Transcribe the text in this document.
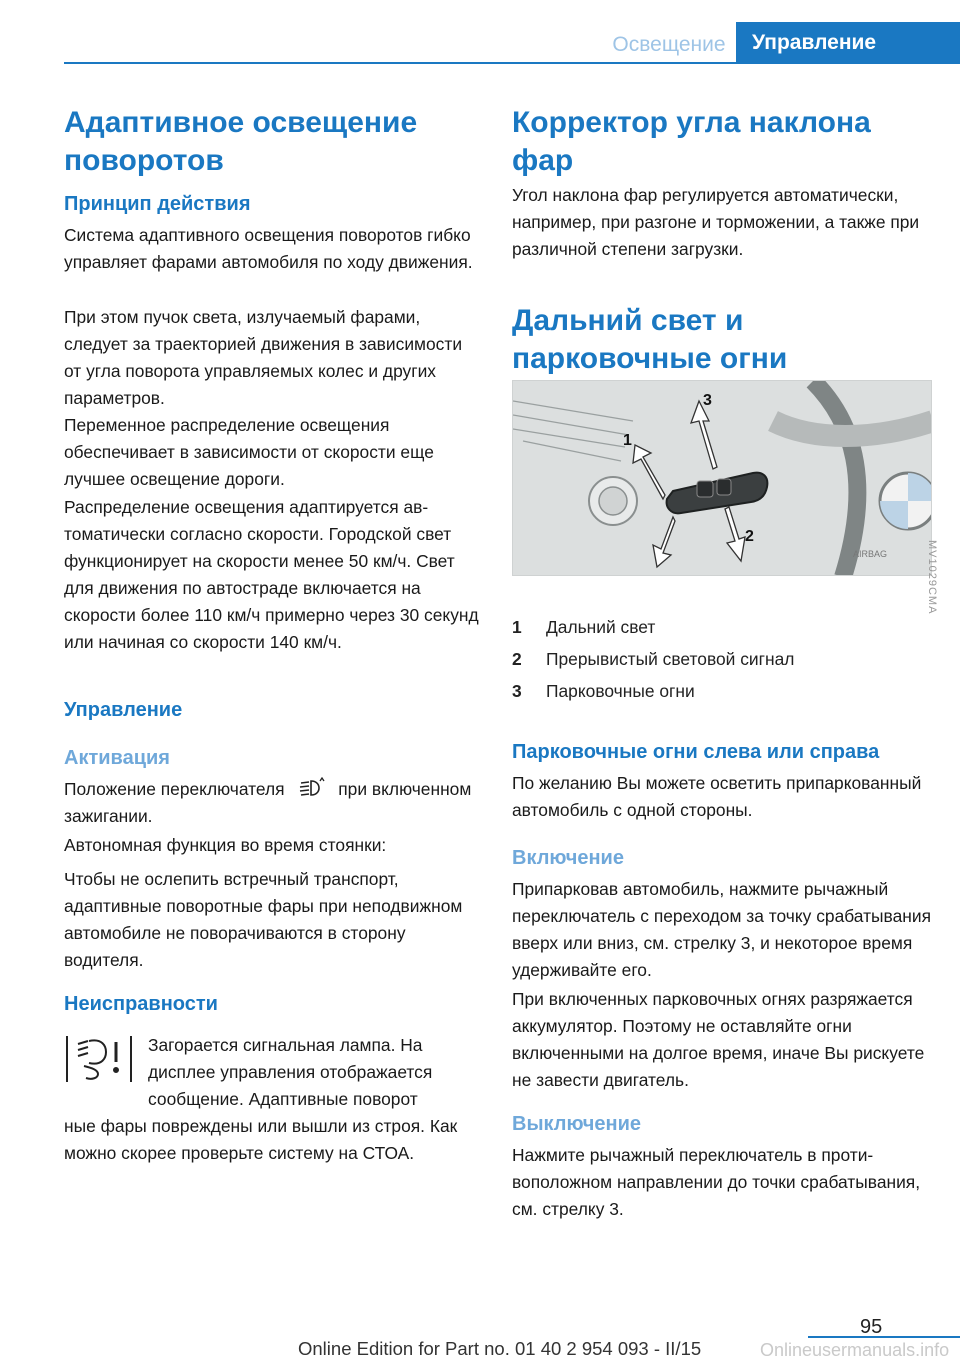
Освещение	Управление
Адаптивное освещение поворотов
Принцип действия

Система адаптивного освещения поворотов гибко управляет фарами автомобиля по ходу движения.

При этом пучок света, излучаемый фарами, следует за траекторией движения в зависимости от угла поворота управляемых колес и других параметров.

Переменное распределение освещения обеспечивает в зависимости от скорости еще лучшее освещение дороги.

Распределение освещения адаптируется автоматически согласно скорости. Городской свет функционирует на скорости менее 50 км/ч. Свет для движения по автостраде включается на скорости более 110 км/ч примерно через 30 секунд или начиная со скорости 140 км/ч.

Управление
Активация

Положение переключателя	при включенном зажигании.

Автономная функция во время стоянки:

Чтобы не ослепить встречный транспорт, адаптивные поворотные фары при неподвижном автомобиле не поворачиваются в сторону водителя.

Неисправности

Загорается сигнальная лампа. На дисплее управления отображается сообщение. Адаптивные поворот

ные фары повреждены или вышли из строя. Как можно скорее проверьте систему на СТОА.

Корректор угла наклона фар

Угол наклона фар регулируется автоматически, например, при разгоне и торможении, а также при различной степени загрузки.

Дальний свет и парковочные огни
AIRBAG
1
3
2
MV1029CMA
1	Дальний свет
2	Прерывистый световой сигнал
3	Парковочные огни
Парковочные огни слева или справа

По желанию Вы можете осветить припаркованный автомобиль с одной стороны.

Включение

Припарковав автомобиль, нажмите рычажный переключатель с переходом за точку срабатывания вверх или вниз, см. стрелку 3, и некоторое время удерживайте его.

При включенных парковочных огнях разряжается аккумулятор. Поэтому не оставляйте огни включенными на долгое время, иначе Вы рискуете не завести двигатель.

Выключение

Нажмите рычажный переключатель в противоположном направлении до точки срабатывания, см. стрелку 3.

95
Onlineusermanuals.info
Online Edition for Part no. 01 40 2 954 093 - II/15
